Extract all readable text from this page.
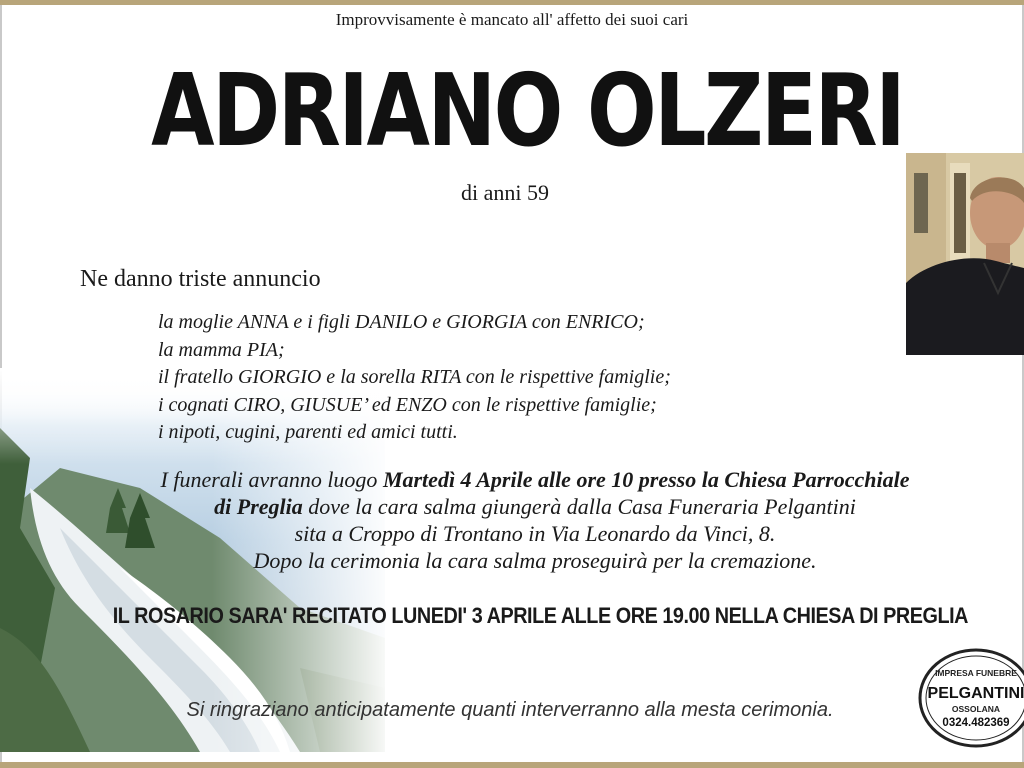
Improvvisamente è mancato all' affetto dei suoi cari
ADRIANO OLZERI
di anni 59
Ne danno triste annuncio
la moglie ANNA e i figli DANILO e GIORGIA con ENRICO;
la mamma PIA;
il fratello GIORGIO e la sorella RITA con le rispettive famiglie;
i cognati CIRO, GIUSUE’ ed ENZO con le rispettive famiglie;
i nipoti, cugini, parenti ed amici tutti.
I funerali avranno luogo Martedì 4 Aprile alle ore 10 presso la Chiesa Parrocchiale
di Preglia dove la cara salma giungerà dalla Casa Funeraria Pelgantini
sita a Croppo di Trontano in Via Leonardo da Vinci, 8.
Dopo la cerimonia la cara salma proseguirà per la cremazione.
IL ROSARIO SARA' RECITATO LUNEDI' 3 APRILE ALLE ORE 19.00 NELLA CHIESA DI PREGLIA
Si ringraziano anticipatamente quanti interverranno alla mesta cerimonia.
IMPRESA FUNEBRE
PELGANTINI
OSSOLANA
0324.482369
